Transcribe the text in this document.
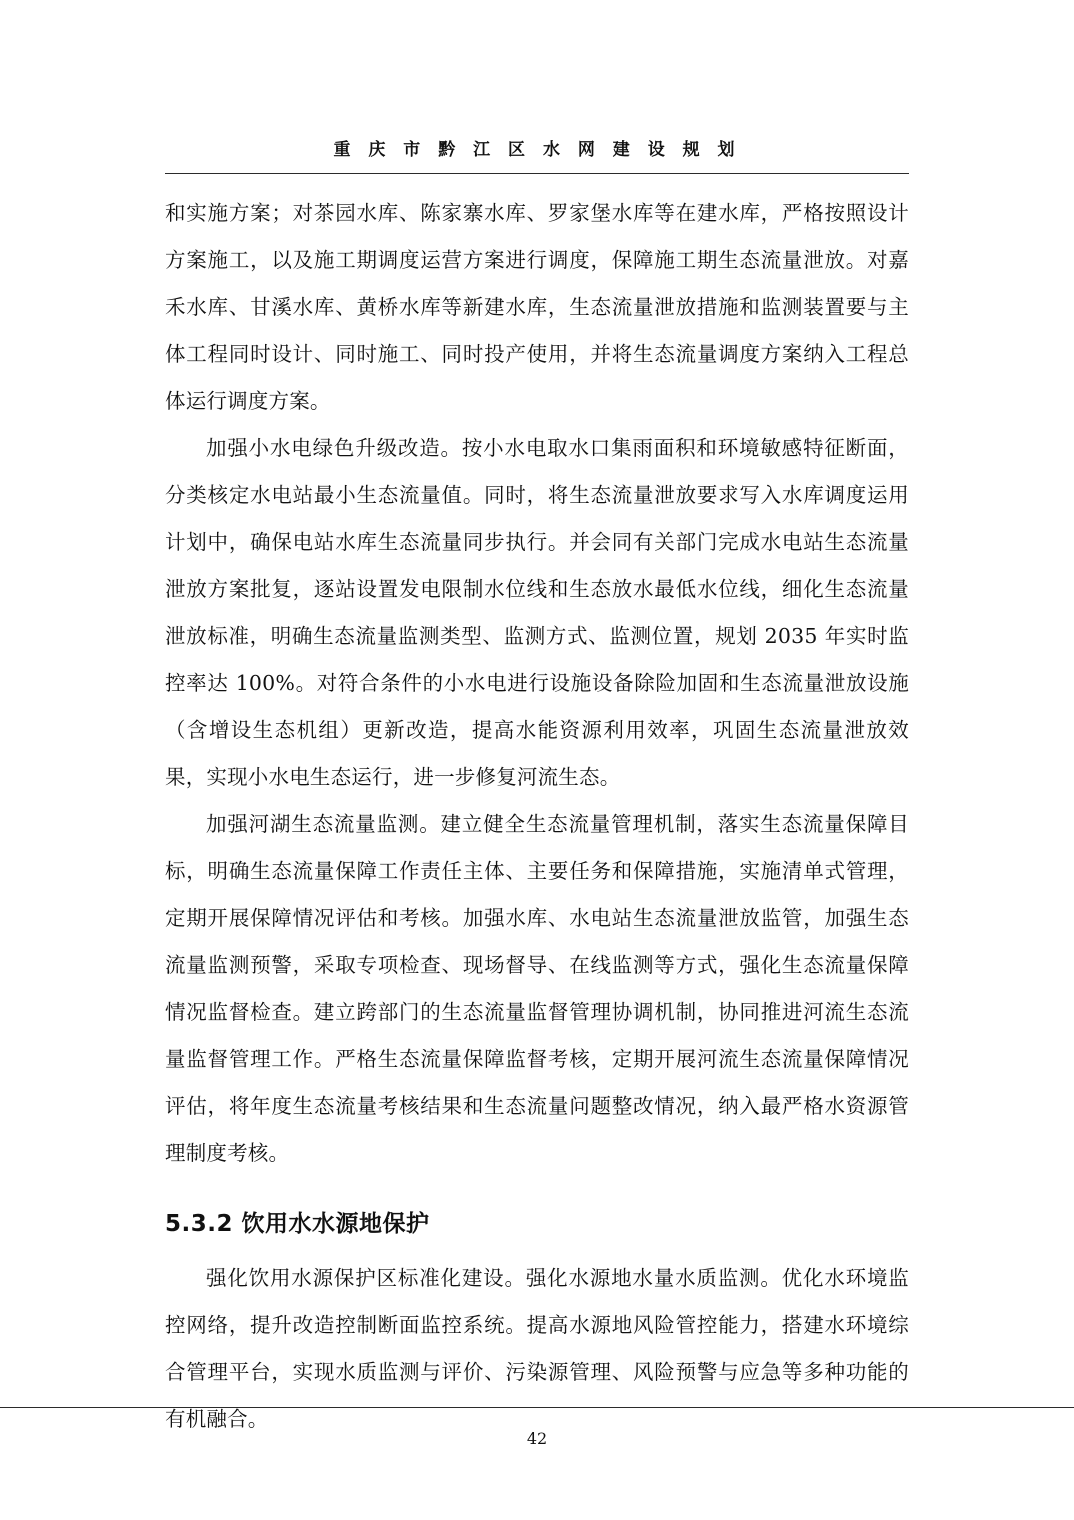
重 庆 市 黔 江 区 水 网 建 设 规 划

和实施方案；对茶园水库、陈家寨水库、罗家堡水库等在建水库，严格按照设计方案施工，以及施工期调度运营方案进行调度，保障施工期生态流量泄放。对嘉禾水库、甘溪水库、黄桥水库等新建水库，生态流量泄放措施和监测装置要与主体工程同时设计、同时施工、同时投产使用，并将生态流量调度方案纳入工程总体运行调度方案。

加强小水电绿色升级改造。按小水电取水口集雨面积和环境敏感特征断面，分类核定水电站最小生态流量值。同时，将生态流量泄放要求写入水库调度运用计划中，确保电站水库生态流量同步执行。并会同有关部门完成水电站生态流量泄放方案批复，逐站设置发电限制水位线和生态放水最低水位线，细化生态流量泄放标准，明确生态流量监测类型、监测方式、监测位置，规划 2035 年实时监控率达 100%。对符合条件的小水电进行设施设备除险加固和生态流量泄放设施（含增设生态机组）更新改造，提高水能资源利用效率，巩固生态流量泄放效果，实现小水电生态运行，进一步修复河流生态。

加强河湖生态流量监测。建立健全生态流量管理机制，落实生态流量保障目标，明确生态流量保障工作责任主体、主要任务和保障措施，实施清单式管理，定期开展保障情况评估和考核。加强水库、水电站生态流量泄放监管，加强生态流量监测预警，采取专项检查、现场督导、在线监测等方式，强化生态流量保障情况监督检查。建立跨部门的生态流量监督管理协调机制，协同推进河流生态流量监督管理工作。严格生态流量保障监督考核，定期开展河流生态流量保障情况评估，将年度生态流量考核结果和生态流量问题整改情况，纳入最严格水资源管理制度考核。

5.3.2 饮用水水源地保护

强化饮用水源保护区标准化建设。强化水源地水量水质监测。优化水环境监控网络，提升改造控制断面监控系统。提高水源地风险管控能力，搭建水环境综合管理平台，实现水质监测与评价、污染源管理、风险预警与应急等多种功能的有机融合。

42
